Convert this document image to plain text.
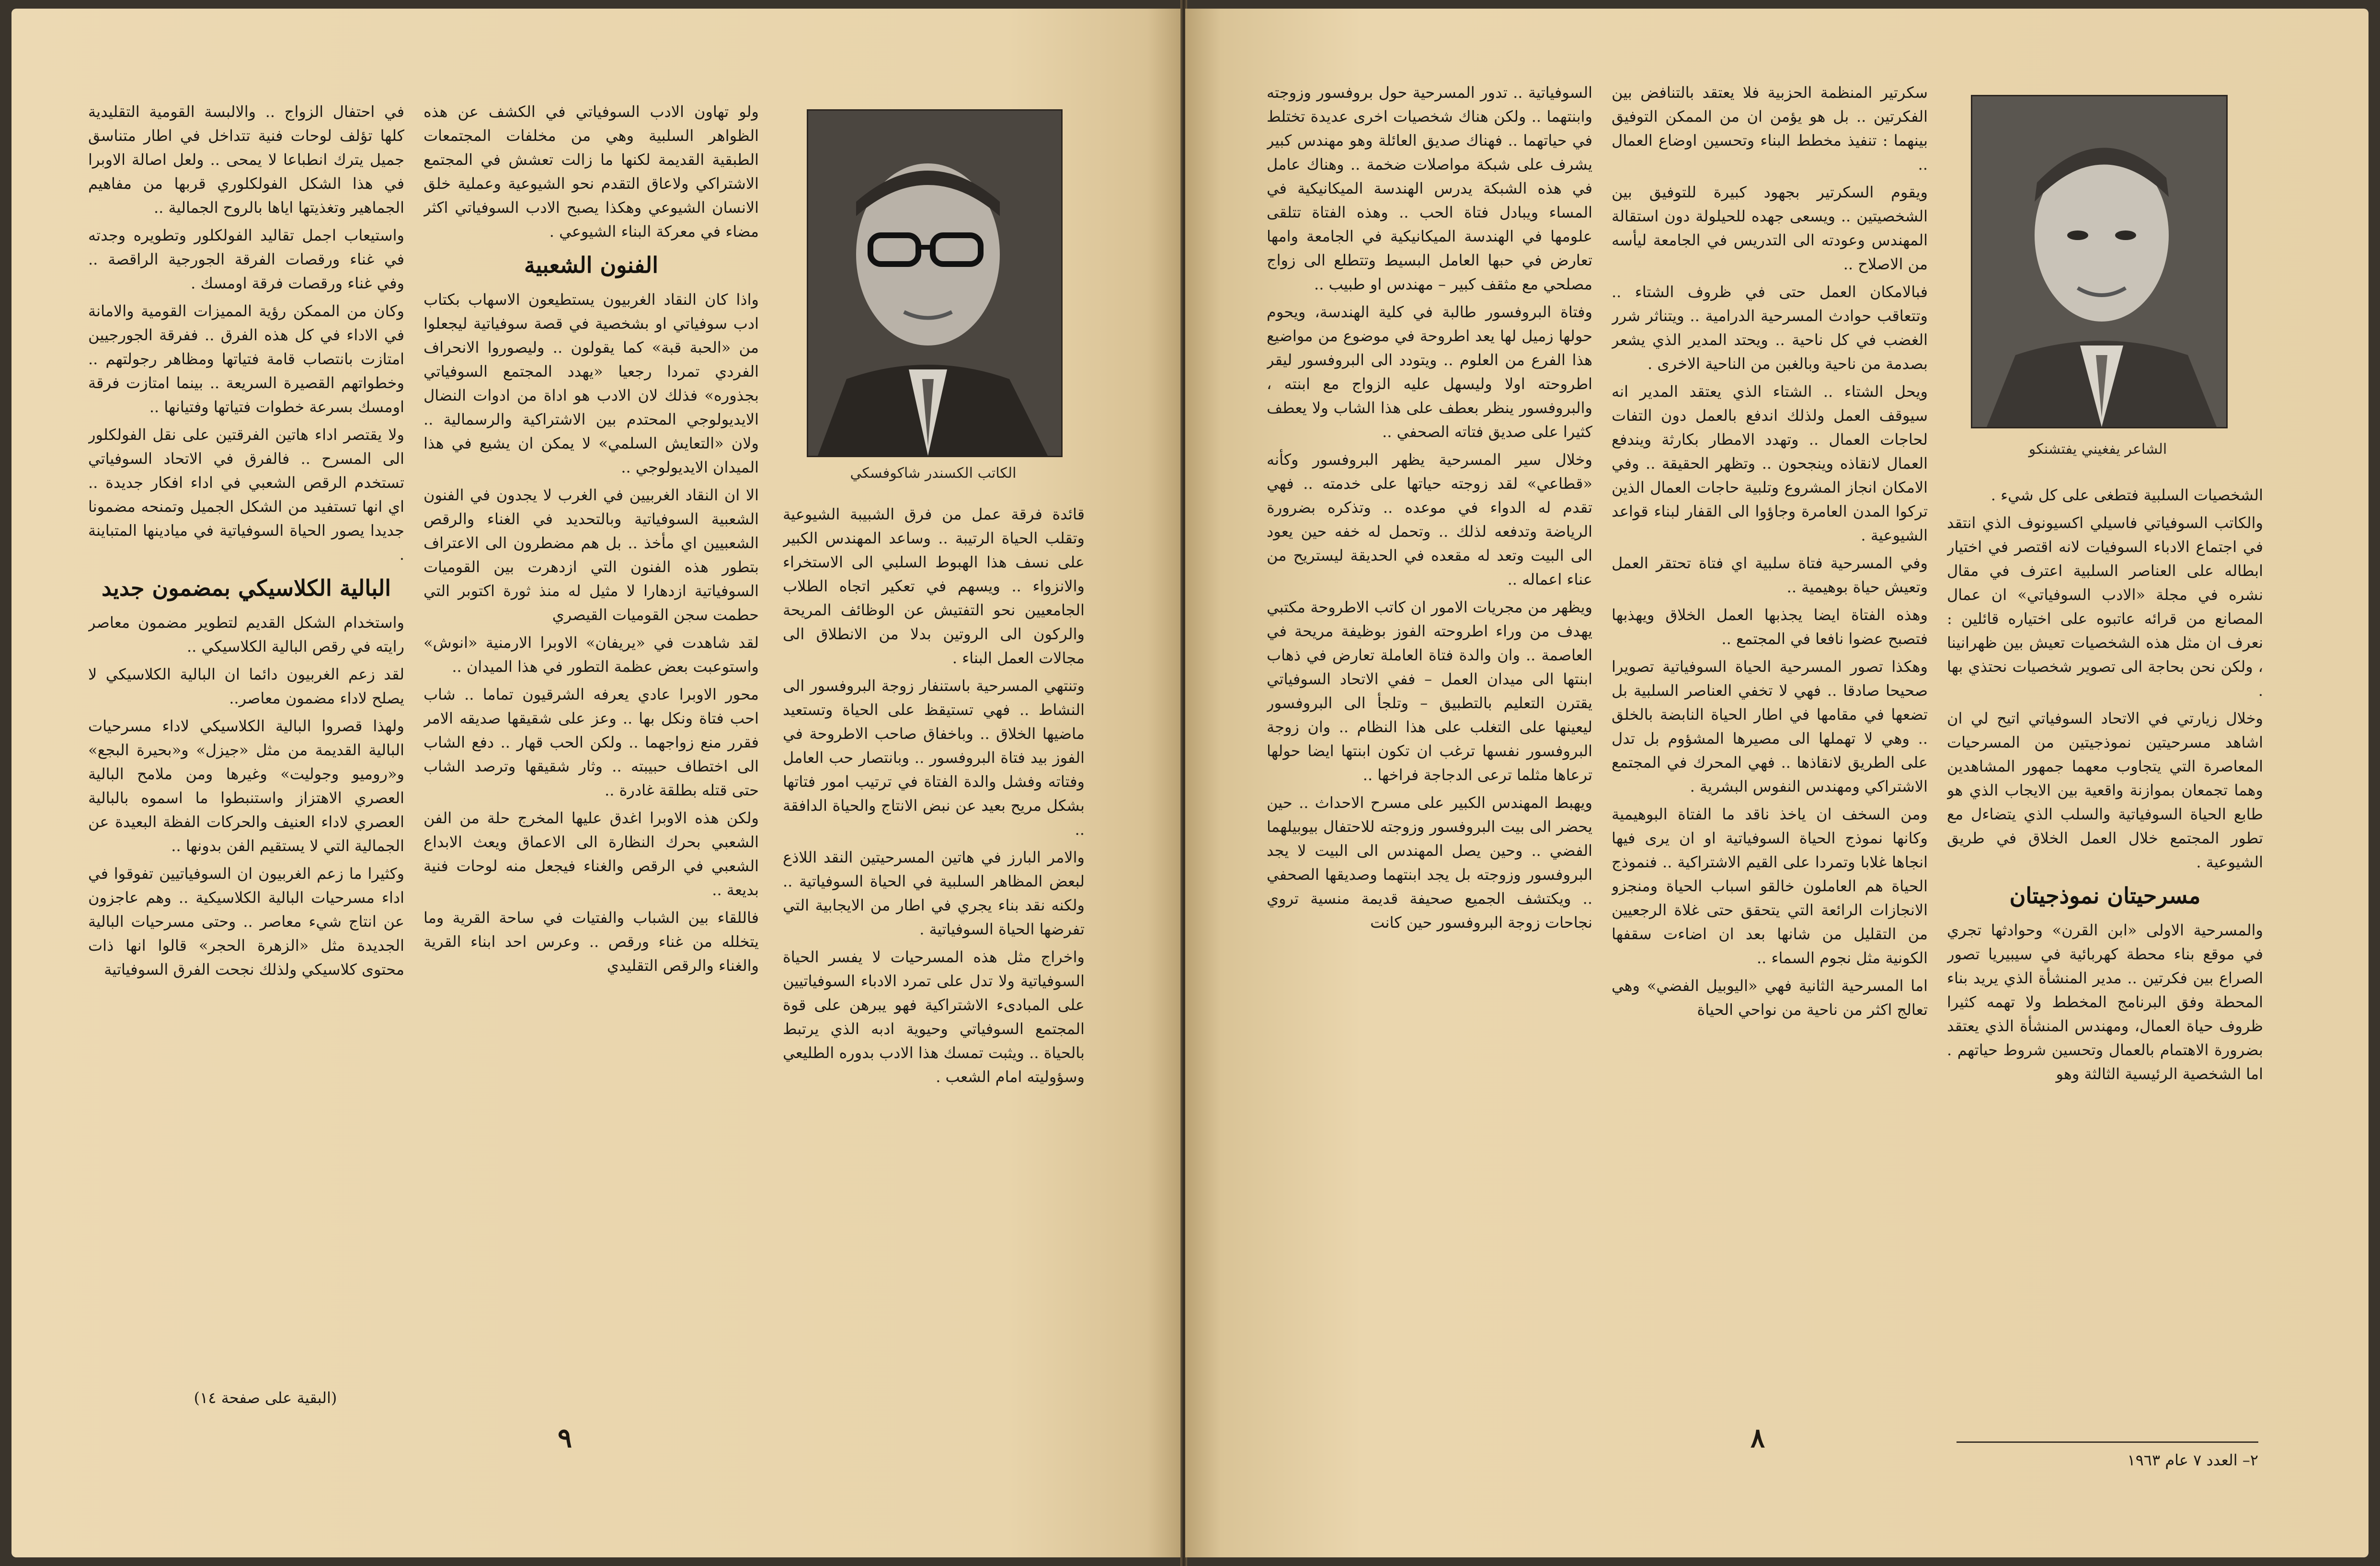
الكاتب الكسندر شاكوفسكي

قائدة فرقة عمل من فرق الشبيبة الشيوعية وتقلب الحياة الرتيبة .. وساعد المهندس الكبير على نسف هذا الهبوط السلبي الى الاستخراء والانزواء .. ويسهم في تعكير اتجاه الطلاب الجامعيين نحو التفتيش عن الوظائف المريحة والركون الى الروتين بدلا من الانطلاق الى مجالات العمل البناء .

وتنتهي المسرحية باستنفار زوجة البروفسور الى النشاط .. فهي تستيقظ على الحياة وتستعيد ماضيها الخلاق .. وباخفاق صاحب الاطروحة في الفوز بيد فتاة البروفسور .. وبانتصار حب العامل وفتاته وفشل والدة الفتاة في ترتيب امور فتاتها بشكل مريح بعيد عن نبض الانتاج والحياة الدافقة ..

والامر البارز في هاتين المسرحيتين النقد اللاذع لبعض المظاهر السلبية في الحياة السوفياتية .. ولكنه نقد بناء يجري في اطار من الايجابية التي تفرضها الحياة السوفياتية .

واخراج مثل هذه المسرحيات لا يفسر الحياة السوفياتية ولا تدل على تمرد الادباء السوفياتيين على المبادىء الاشتراكية فهو يبرهن على قوة المجتمع السوفياتي وحيوية ادبه الذي يرتبط بالحياة .. ويثبت تمسك هذا الادب بدوره الطليعي وسؤوليته امام الشعب .

ولو تهاون الادب السوفياتي في الكشف عن هذه الظواهر السلبية وهي من مخلفات المجتمعات الطبقية القديمة لكنها ما زالت تعشش في المجتمع الاشتراكي ولاعاق التقدم نحو الشيوعية وعملية خلق الانسان الشيوعي وهكذا يصبح الادب السوفياتي اكثر مضاء في معركة البناء الشيوعي .

الفنون الشعبية

واذا كان النقاد الغربيون يستطيعون الاسهاب بكتاب ادب سوفياتي او بشخصية في قصة سوفياتية ليجعلوا من «الحبة قبة» كما يقولون .. وليصوروا الانحراف الفردي تمردا رجعيا «يهدد المجتمع السوفياتي بجذوره» فذلك لان الادب هو اداة من ادوات النضال الايديولوجي المحتدم بين الاشتراكية والرسمالية .. ولان «التعايش السلمي» لا يمكن ان يشيع في هذا الميدان الايديولوجي ..

الا ان النقاد الغربيين في الغرب لا يجدون في الفنون الشعبية السوفياتية وبالتحديد في الغناء والرقص الشعبيين اي مأخذ .. بل هم مضطرون الى الاعتراف بتطور هذه الفنون التي ازدهرت بين القوميات السوفياتية ازدهارا لا مثيل له منذ ثورة اكتوبر التي حطمت سجن القوميات القيصري

لقد شاهدت في «يريفان» الاوبرا الارمنية «انوش» واستوعبت بعض عظمة التطور في هذا الميدان ..

محور الاوبرا عادي يعرفه الشرقيون تماما .. شاب احب فتاة ونكل بها .. وعز على شقيقها صديقه الامر فقرر منع زواجهما .. ولكن الحب قهار .. دفع الشاب الى اختطاف حبيبته .. وثار شقيقها وترصد الشاب حتى قتله بطلقة غادرة ..

ولكن هذه الاوبرا اغدق عليها المخرج حلة من الفن الشعبي بحرك النظارة الى الاعماق ويعث الابداع الشعبي في الرقص والغناء فيجعل منه لوحات فنية بديعة ..

فاللقاء بين الشباب والفتيات في ساحة القرية وما يتخلله من غناء ورقص .. وعرس احد ابناء القرية والغناء والرقص التقليدي

في احتفال الزواج .. والالبسة القومية التقليدية كلها تؤلف لوحات فنية تتداخل في اطار متناسق جميل يترك انطباعا لا يمحى .. ولعل اصالة الاوبرا في هذا الشكل الفولكلوري قربها من مفاهيم الجماهير وتغذيتها اياها بالروح الجمالية ..

واستيعاب اجمل تقاليد الفولكلور وتطويره وجدته في غناء ورقصات الفرقة الجورجية الراقصة .. وفي غناء ورقصات فرقة اومسك .

وكان من الممكن رؤية المميزات القومية والامانة في الاداء في كل هذه الفرق .. ففرقة الجورجيين امتازت بانتصاب قامة فتياتها ومظاهر رجولتهم .. وخطواتهم القصيرة السريعة .. بينما امتازت فرقة اومسك بسرعة خطوات فتياتها وفتيانها ..

ولا يقتصر اداء هاتين الفرقتين على نقل الفولكلور الى المسرح .. فالفرق في الاتحاد السوفياتي تستخدم الرقص الشعبي في اداء افكار جديدة .. اي انها تستفيد من الشكل الجميل وتمنحه مضمونا جديدا يصور الحياة السوفياتية في ميادينها المتباينة .

البالية الكلاسيكي بمضمون جديد

واستخدام الشكل القديم لتطوير مضمون معاصر رايته في رقص البالية الكلاسيكي ..

لقد زعم الغربيون دائما ان البالية الكلاسيكي لا يصلح لاداء مضمون معاصر..

ولهذا قصروا البالية الكلاسيكي لاداء مسرحيات البالية القديمة من مثل «جيزل» و«بحيرة البجع» و«روميو وجوليت» وغيرها ومن ملامح البالية العصري الاهتزاز واستنبطوا ما اسموه بالبالية العصري لاداء العنيف والحركات الفظة البعيدة عن الجمالية التي لا يستقيم الفن بدونها ..

وكثيرا ما زعم الغربيون ان السوفياتيين تفوقوا في اداء مسرحيات البالية الكلاسيكية .. وهم عاجزون عن انتاج شيء معاصر .. وحتى مسرحيات البالية الجديدة مثل «الزهرة الحجر» قالوا انها ذات محتوى كلاسيكي ولذلك نجحت الفرق السوفياتية

(البقية على صفحة ١٤)
٩
الشاعر يفغيني يفتشنكو

الشخصيات السلبية فتطغى على كل شيء .

والكاتب السوفياتي فاسيلي اكسيونوف الذي انتقد في اجتماع الادباء السوفيات لانه اقتصر في اختيار ابطاله على العناصر السلبية اعترف في مقال نشره في مجلة «الادب السوفياتي» ان عمال المصانع من قرائه عاتبوه على اختياره قائلين : نعرف ان مثل هذه الشخصيات تعيش بين ظهرانينا ، ولكن نحن بحاجة الى تصوير شخصيات نحتذي بها .

وخلال زيارتي في الاتحاد السوفياتي اتيح لي ان اشاهد مسرحيتين نموذجيتين من المسرحيات المعاصرة التي يتجاوب معهما جمهور المشاهدين وهما تجمعان بموازنة واقعية بين الايجاب الذي هو طابع الحياة السوفياتية والسلب الذي يتضاءل مع تطور المجتمع خلال العمل الخلاق في طريق الشيوعية .

مسرحيتان نموذجيتان

والمسرحية الاولى «ابن القرن» وحوادثها تجري في موقع بناء محطة كهربائية في سيبيريا تصور الصراع بين فكرتين .. مدير المنشأة الذي يريد بناء المحطة وفق البرنامج المخطط ولا تهمه كثيرا ظروف حياة العمال، ومهندس المنشأة الذي يعتقد بضرورة الاهتمام بالعمال وتحسين شروط حياتهم . اما الشخصية الرئيسية الثالثة وهو

٢– العدد ٧ عام ١٩٦٣

سكرتير المنظمة الحزبية فلا يعتقد بالتنافض بين الفكرتين .. بل هو يؤمن ان من الممكن التوفيق بينهما : تنفيذ مخطط البناء وتحسين اوضاع العمال ..

ويقوم السكرتير بجهود كبيرة للتوفيق بين الشخصيتين .. ويسعى جهده للحيلولة دون استقالة المهندس وعودته الى التدريس في الجامعة ليأسه من الاصلاح ..

فبالامكان العمل حتى في ظروف الشتاء .. وتتعاقب حوادث المسرحية الدرامية .. ويتناثر شرر الغضب في كل ناحية .. ويحتد المدير الذي يشعر بصدمة من ناحية وبالغبن من الناحية الاخرى .

ويحل الشتاء .. الشتاء الذي يعتقد المدير انه سيوقف العمل ولذلك اندفع بالعمل دون التفات لحاجات العمال .. وتهدد الامطار بكارثة ويندفع العمال لانقاذه وينجحون .. وتظهر الحقيقة .. وفي الامكان انجاز المشروع وتلبية حاجات العمال الذين تركوا المدن العامرة وجاؤوا الى القفار لبناء قواعد الشيوعية .

وفي المسرحية فتاة سلبية اي فتاة تحتقر العمل وتعيش حياة بوهيمية ..

وهذه الفتاة ايضا يجذبها العمل الخلاق ويهذبها فتصبح عضوا نافعا في المجتمع ..

وهكذا تصور المسرحية الحياة السوفياتية تصويرا صحيحا صادقا .. فهي لا تخفي العناصر السلبية بل تضعها في مقامها في اطار الحياة النابضة بالخلق .. وهي لا تهملها الى مصيرها المشؤوم بل تدل على الطريق لانقاذها .. فهي المحرك في المجتمع الاشتراكي ومهندس النفوس البشرية .

ومن السخف ان ياخذ ناقد ما الفتاة البوهيمية وكانها نموذج الحياة السوفياتية او ان يرى فيها انجاها غلابا وتمردا على القيم الاشتراكية .. فنموذج الحياة هم العاملون خالقو اسباب الحياة ومنجزو الانجازات الرائعة التي يتحقق حتى غلاة الرجعيين من التقليل من شانها بعد ان اضاءت سقفها الكونية مثل نجوم السماء ..

اما المسرحية الثانية فهي «اليوبيل الفضي» وهي تعالج اكثر من ناحية من نواحي الحياة

السوفياتية .. تدور المسرحية حول بروفسور وزوجته وابنتهما .. ولكن هناك شخصيات اخرى عديدة تختلط في حياتهما .. فهناك صديق العائلة وهو مهندس كبير يشرف على شبكة مواصلات ضخمة .. وهناك عامل في هذه الشبكة يدرس الهندسة الميكانيكية في المساء ويبادل فتاة الحب .. وهذه الفتاة تتلقى علومها في الهندسة الميكانيكية في الجامعة وامها تعارض في حبها العامل البسيط وتتطلع الى زواج مصلحي مع مثقف كبير – مهندس او طبيب ..

وفتاة البروفسور طالبة في كلية الهندسة، ويحوم حولها زميل لها يعد اطروحة في موضوع من مواضيع هذا الفرع من العلوم .. ويتودد الى البروفسور ليقر اطروحته اولا وليسهل عليه الزواج مع ابنته ، والبروفسور ينظر بعطف على هذا الشاب ولا يعطف كثيرا على صديق فتاته الصحفي ..

وخلال سير المسرحية يظهر البروفسور وكأنه «قطاعي» لقد زوجته حياتها على خدمته .. فهي تقدم له الدواء في موعده .. وتذكره بضرورة الرياضة وتدفعه لذلك .. وتحمل له خفه حين يعود الى البيت وتعد له مقعده في الحديقة ليستريح من عناء اعماله ..

ويظهر من مجريات الامور ان كاتب الاطروحة مكتبي يهدف من وراء اطروحته الفوز بوظيفة مريحة في العاصمة .. وان والدة فتاة العاملة تعارض في ذهاب ابنتها الى ميدان العمل – ففي الاتحاد السوفياتي يقترن التعليم بالتطبيق – وتلجأ الى البروفسور ليعينها على التغلب على هذا النظام .. وان زوجة البروفسور نفسها ترغب ان تكون ابنتها ايضا حولها ترعاها مثلما ترعى الدجاجة فراخها ..

ويهبط المهندس الكبير على مسرح الاحداث .. حين يحضر الى بيت البروفسور وزوجته للاحتفال بيوبيلهما الفضي .. وحين يصل المهندس الى البيت لا يجد البروفسور وزوجته بل يجد ابنتهما وصديقها الصحفي .. ويكتشف الجميع صحيفة قديمة منسية تروي نجاحات زوجة البروفسور حين كانت

٨
